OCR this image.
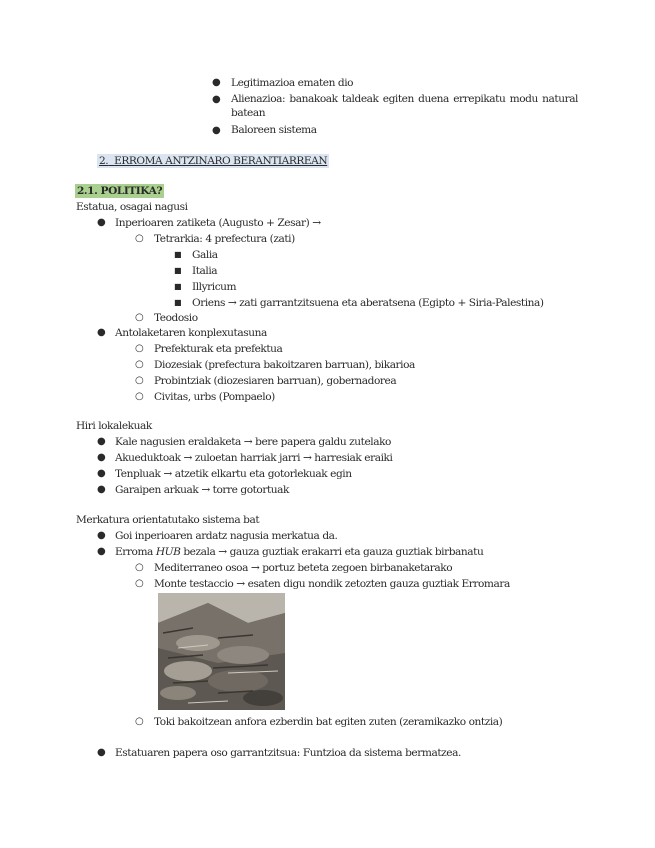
● Legitimazioa ematen dio
● Alienazioa: banakoak taldeak egiten duena errepikatu modu natural batean
● Baloreen sistema
2. ERROMA ANTZINARO BERANTIARREAN
2.1. POLITIKA?
Estatua, osagai nagusi
● Inperioaren zatiketa (Augusto + Zesar) →
○ Tetrarkia: 4 prefectura (zati)
■ Galia
■ Italia
■ Illyricum
■ Oriens → zati garrantzitsuena eta aberatsena (Egipto + Siria-Palestina)
○ Teodosio
● Antolaketaren konplexutasuna
○ Prefekturak eta prefektua
○ Diozesiak (prefectura bakoitzaren barruan), bikarioa
○ Probintziak (diozesiaren barruan), gobernadorea
○ Civitas, urbs (Pompaelo)
Hiri lokalekuak
● Kale nagusien eraldaketa → bere papera galdu zutelako
● Akueduktoak → zuloetan harriak jarri → harresiak eraiki
● Tenpluak → atzetik elkartu eta gotorlekuak egin
● Garaipen arkuak → torre gotortuak
Merkatura orientatutako sistema bat
● Goi inperioaren ardatz nagusia merkatua da.
● Erroma HUB bezala → gauza guztiak erakarri eta gauza guztiak birbanatu
○ Mediterraneo osoa → portuz beteta zegoen birbanaketarako
○ Monte testaccio → esaten digu nondik zetozten gauza guztiak Erromara
○ Toki bakoitzean anfora ezberdin bat egiten zuten (zeramikazko ontzia)
● Estatuaren papera oso garrantzitsua: Funtzioa da sistema bermatzea.
